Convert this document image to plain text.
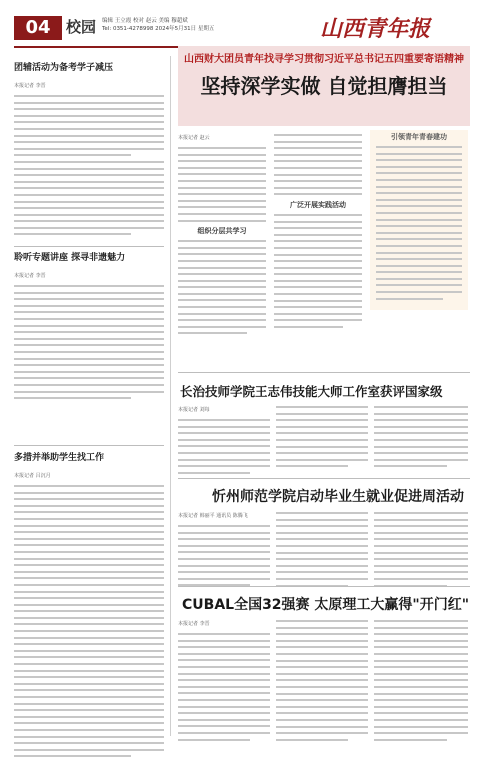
04	校园 编辑 王立霞 校对 赵云 美编 穆超斌
Tel: 0351-4278998 2024年5月31日 星期五	山西青年报
团辅活动为备考学子减压
本报记者 李晋
聆听专题讲座 探寻非遗魅力
本报记者 李晋
多措并举助学生找工作
本报记者 吕沉月
山西财大团员青年找寻学习贯彻习近平总书记五四重要寄语精神
坚持深学实做 自觉担膺担当
本报记者 赵云
组织分层共学习
广泛开展实践活动
引领青年青春建功
长治技师学院王志伟技能大师工作室获评国家级
本报记者 刘每
忻州师范学院启动毕业生就业促进周活动
本报记者 韩丽平 通讯员 陈腾飞
CUBAL全国32强赛 太原理工大赢得"开门红"
本报记者 李晋
